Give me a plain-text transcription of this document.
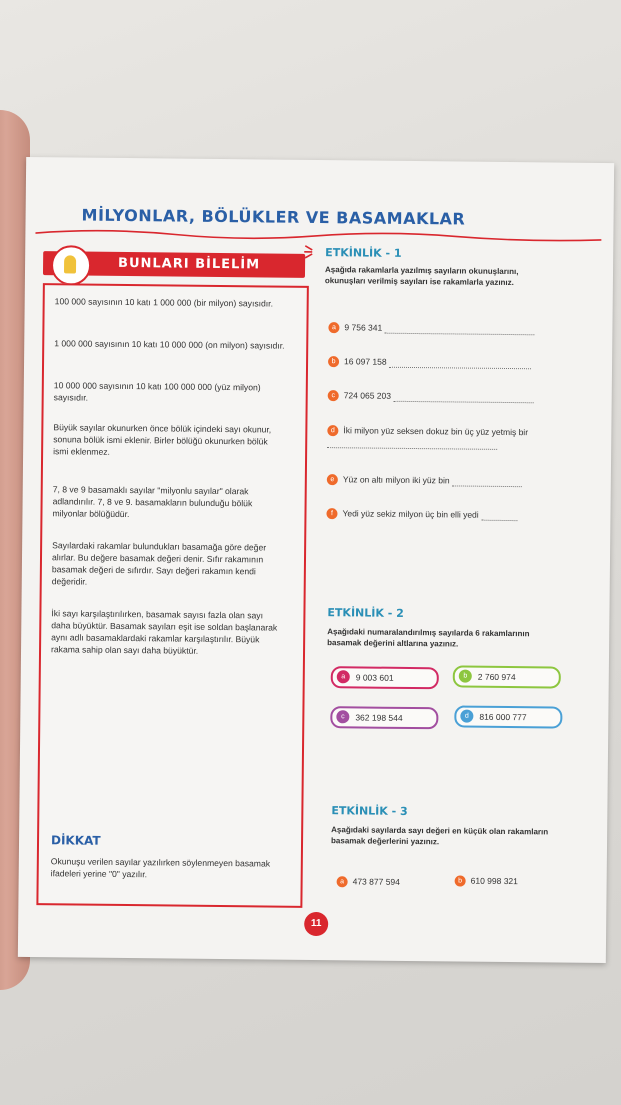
MİLYONLAR, BÖLÜKLER VE BASAMAKLAR
BUNLARI BİLELİM

100 000 sayısının 10 katı 1 000 000 (bir milyon) sayısıdır.

1 000 000 sayısının 10 katı 10 000 000 (on milyon) sayısıdır.

10 000 000 sayısının 10 katı 100 000 000 (yüz milyon) sayısıdır.

Büyük sayılar okunurken önce bölük içindeki sayı okunur, sonuna bölük ismi eklenir. Birler bölüğü okunurken bölük ismi eklenmez.

7, 8 ve 9 basamaklı sayılar "milyonlu sayılar" olarak adlandırılır. 7, 8 ve 9. basamakların bulunduğu bölük milyonlar bölüğüdür.

Sayılardaki rakamlar bulundukları basamağa göre değer alırlar. Bu değere basamak değeri denir. Sıfır rakamının basamak değeri de sıfırdır. Sayı değeri rakamın kendi değeridir.

İki sayı karşılaştırılırken, basamak sayısı fazla olan sayı daha büyüktür. Basamak sayıları eşit ise soldan başlanarak aynı adlı basamaklardaki rakamlar karşılaştırılır. Büyük rakama sahip olan sayı daha büyüktür.

DİKKAT

Okunuşu verilen sayılar yazılırken söylenmeyen basamak ifadeleri yerine "0" yazılır.

ETKİNLİK - 1

Aşağıda rakamlarla yazılmış sayıların okunuşlarını, okunuşları verilmiş sayıları ise rakamlarla yazınız.

a 9 756 341
b 16 097 158
c 724 065 203
d İki milyon yüz seksen dokuz bin üç yüz yetmiş bir
e Yüz on altı milyon iki yüz bin
f Yedi yüz sekiz milyon üç bin elli yedi
ETKİNLİK - 2

Aşağıdaki numaralandırılmış sayılarda 6 rakamlarının basamak değerini altlarına yazınız.

a 9 003 601	b 2 760 974
c 362 198 544	d 816 000 777
ETKİNLİK - 3

Aşağıdaki sayılarda sayı değeri en küçük olan rakamların basamak değerlerini yazınız.

a 473 877 594	b 610 998 321
11
